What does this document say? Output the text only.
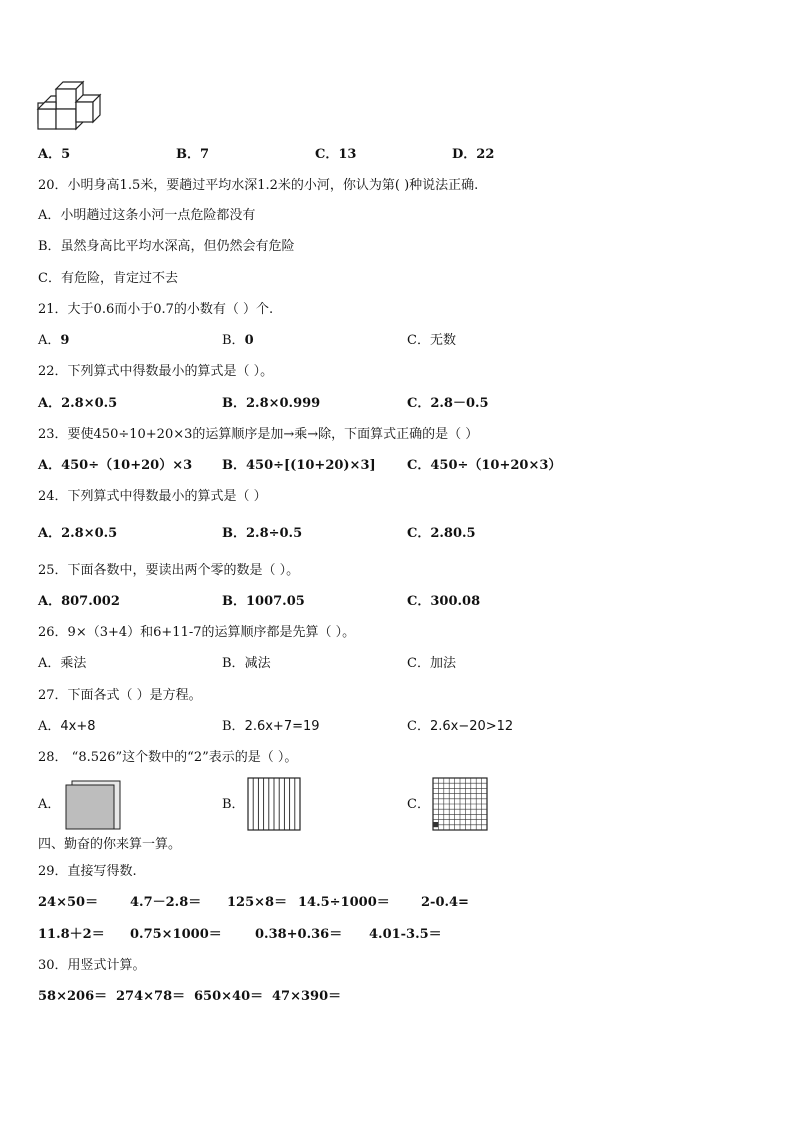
A．5	B．7	C．13	D．22
20．小明身高1.5米，要趟过平均水深1.2米的小河，你认为第( )种说法正确.
A．小明趟过这条小河一点危险都没有
B．虽然身高比平均水深高，但仍然会有危险
C．有危险，肯定过不去
21．大于0.6而小于0.7的小数有（ ）个.
A．9	B．0	C．无数
22．下列算式中得数最小的算式是（ ）。
A．2.8×0.5	B．2.8×0.999	C．2.8－0.5
23．要使450÷10+20×3的运算顺序是加→乘→除，下面算式正确的是（ ）
A．450÷（10+20）×3 B．450÷[(10+20)×3] C．450÷（10+20×3）
24．下列算式中得数最小的算式是（ ）
A．2.8×0.5	B．2.8÷0.5	C．2.80.5
25．下面各数中，要读出两个零的数是（ ）。
A．807.002	B．1007.05	C．300.08
26．9×（3+4）和6+11-7的运算顺序都是先算（ ）。
A．乘法	B．减法	C．加法
27．下面各式（ ）是方程。
A．4x+8	B．2.6x+7=19	C．2.6x−20>12
28． “8.526”这个数中的“2”表示的是（ ）。
A．	B．	C．
四、勤奋的你来算一算。
29．直接写得数.
24×50＝ 4.7－2.8＝ 125×8＝ 14.5÷1000＝ 2-0.4=
11.8＋2＝ 0.75×1000＝	0.38+0.36＝ 4.01-3.5＝
30．用竖式计算。
58×206＝ 274×78＝ 650×40＝ 47×390＝
